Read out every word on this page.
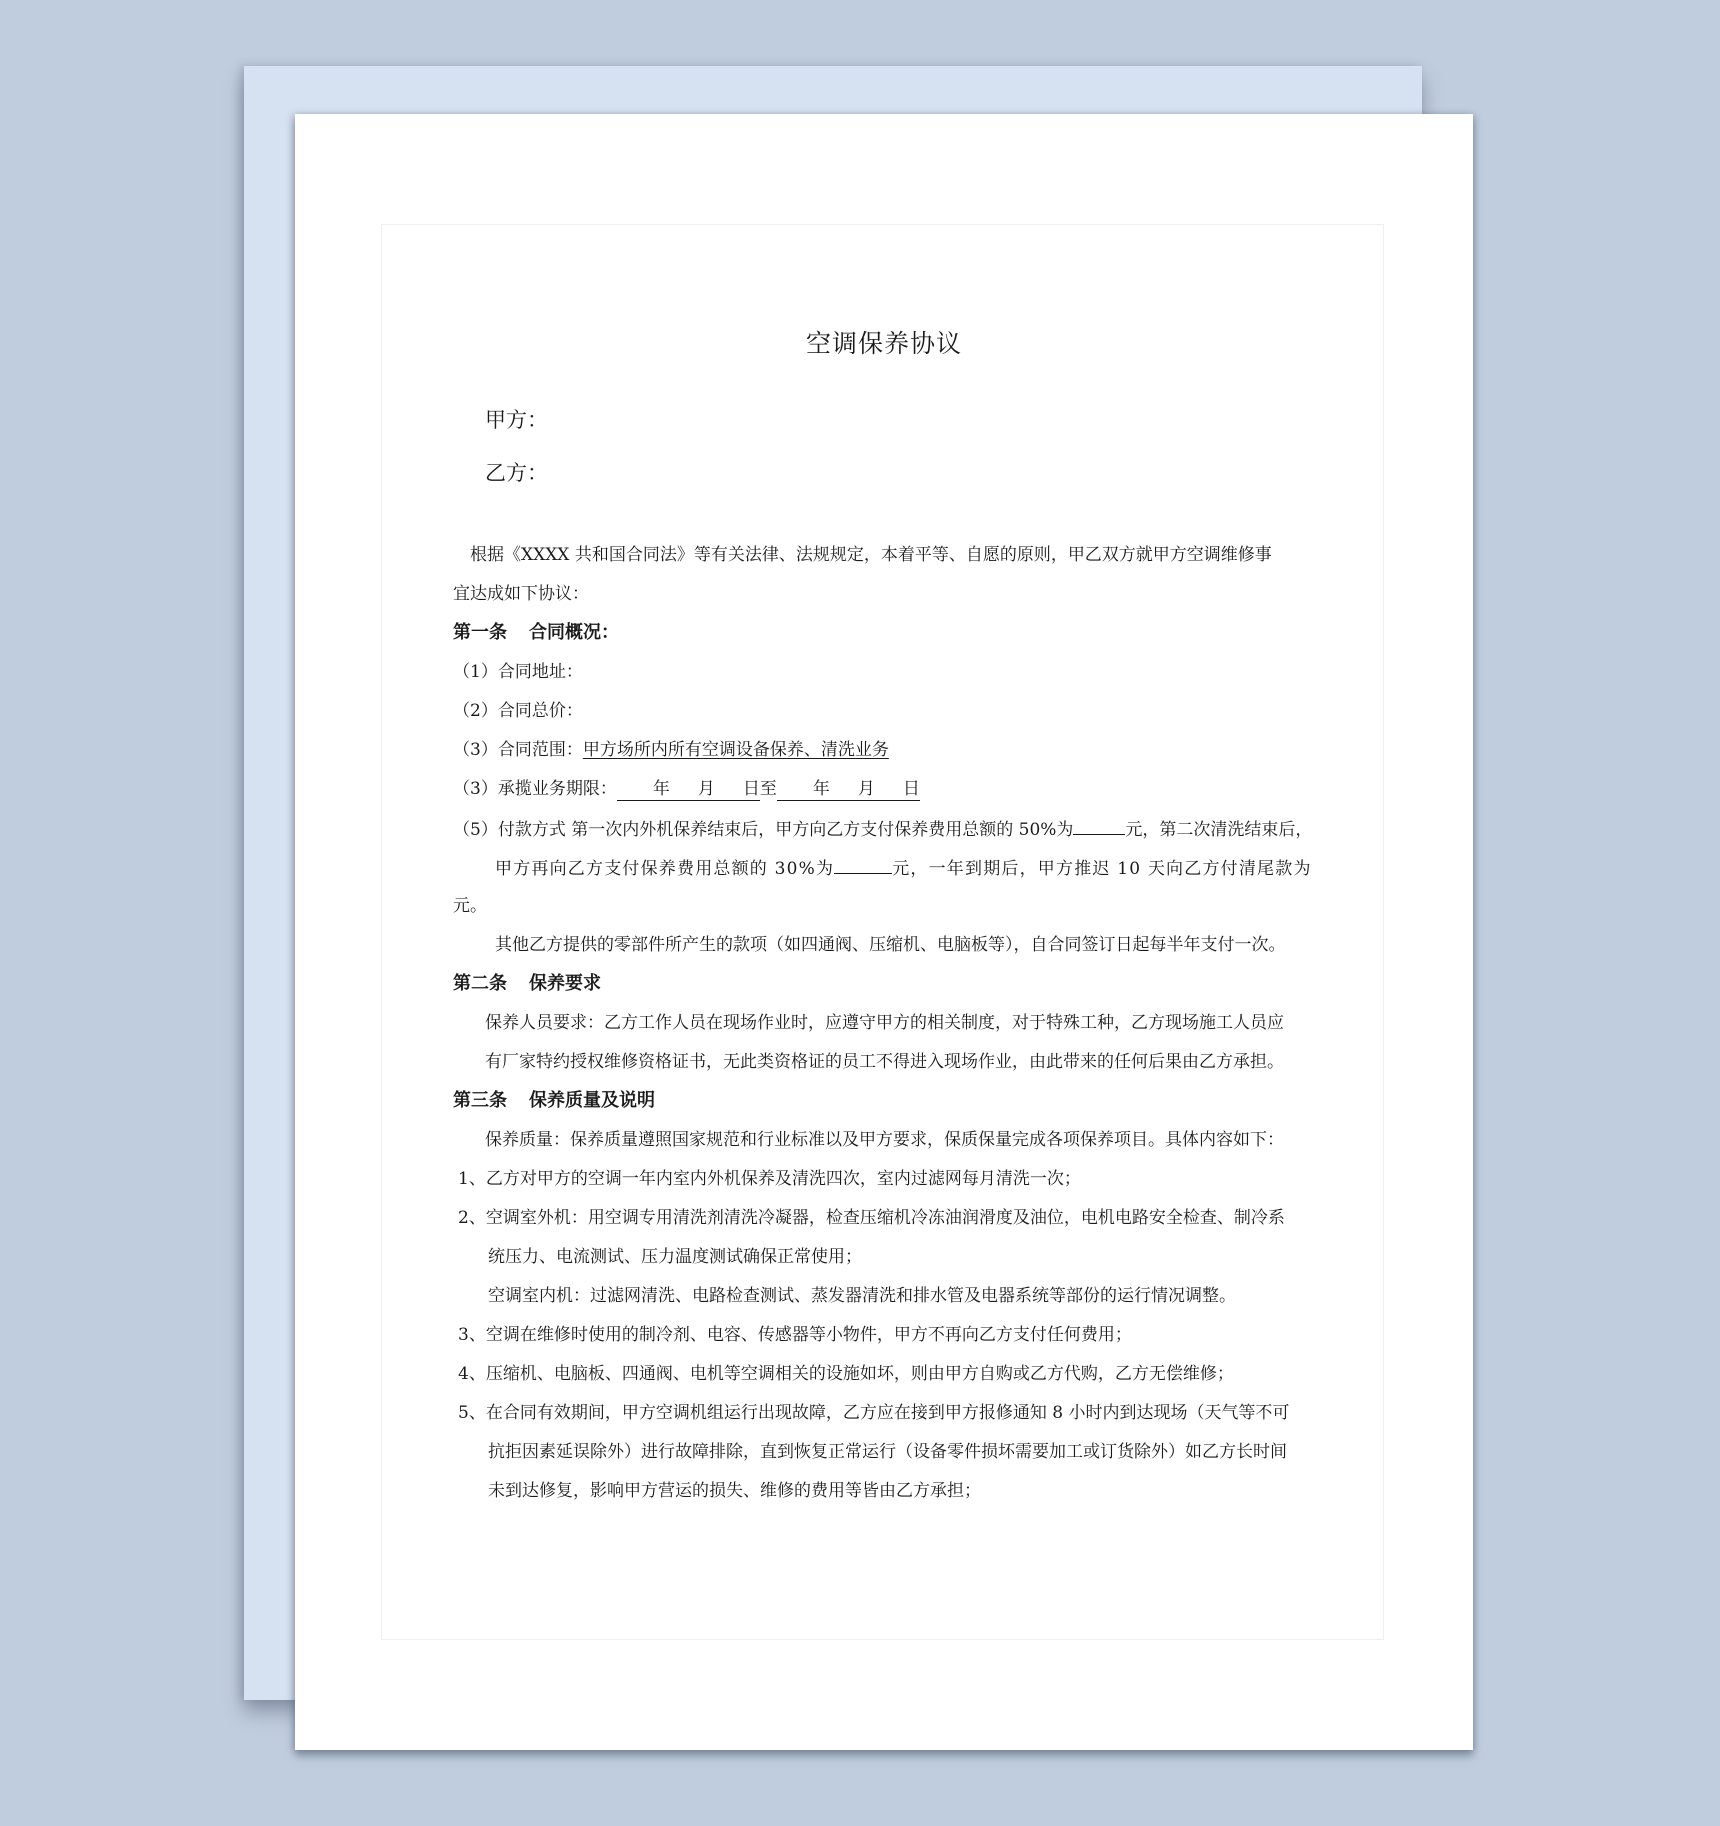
空调保养协议
甲方：
乙方：
根据《XXXX 共和国合同法》等有关法律、法规规定，本着平等、自愿的原则，甲乙双方就甲方空调维修事
宜达成如下协议：
第一条 合同概况：
（1）合同地址：
（2）合同总价：
（3）合同范围：甲方场所内所有空调设备保养、清洗业务
（3）承揽业务期限： 年 月 日至 年 月 日
（5）付款方式 第一次内外机保养结束后，甲方向乙方支付保养费用总额的 50%为	元，第二次清洗结束后，
甲方再向乙方支付保养费用总额的 30%为	元，一年到期后，甲方推迟 10 天向乙方付清尾款为
元。
其他乙方提供的零部件所产生的款项（如四通阀、压缩机、电脑板等），自合同签订日起每半年支付一次。
第二条 保养要求
保养人员要求：乙方工作人员在现场作业时，应遵守甲方的相关制度，对于特殊工种，乙方现场施工人员应
有厂家特约授权维修资格证书，无此类资格证的员工不得进入现场作业，由此带来的任何后果由乙方承担。
第三条 保养质量及说明
保养质量：保养质量遵照国家规范和行业标准以及甲方要求，保质保量完成各项保养项目。具体内容如下：
1、乙方对甲方的空调一年内室内外机保养及清洗四次，室内过滤网每月清洗一次；
2、空调室外机：用空调专用清洗剂清洗冷凝器，检查压缩机冷冻油润滑度及油位，电机电路安全检查、制冷系
统压力、电流测试、压力温度测试确保正常使用；
空调室内机：过滤网清洗、电路检查测试、蒸发器清洗和排水管及电器系统等部份的运行情况调整。
3、空调在维修时使用的制冷剂、电容、传感器等小物件，甲方不再向乙方支付任何费用；
4、压缩机、电脑板、四通阀、电机等空调相关的设施如坏，则由甲方自购或乙方代购，乙方无偿维修；
5、在合同有效期间，甲方空调机组运行出现故障，乙方应在接到甲方报修通知 8 小时内到达现场（天气等不可
抗拒因素延误除外）进行故障排除，直到恢复正常运行（设备零件损坏需要加工或订货除外）如乙方长时间
未到达修复，影响甲方营运的损失、维修的费用等皆由乙方承担；
